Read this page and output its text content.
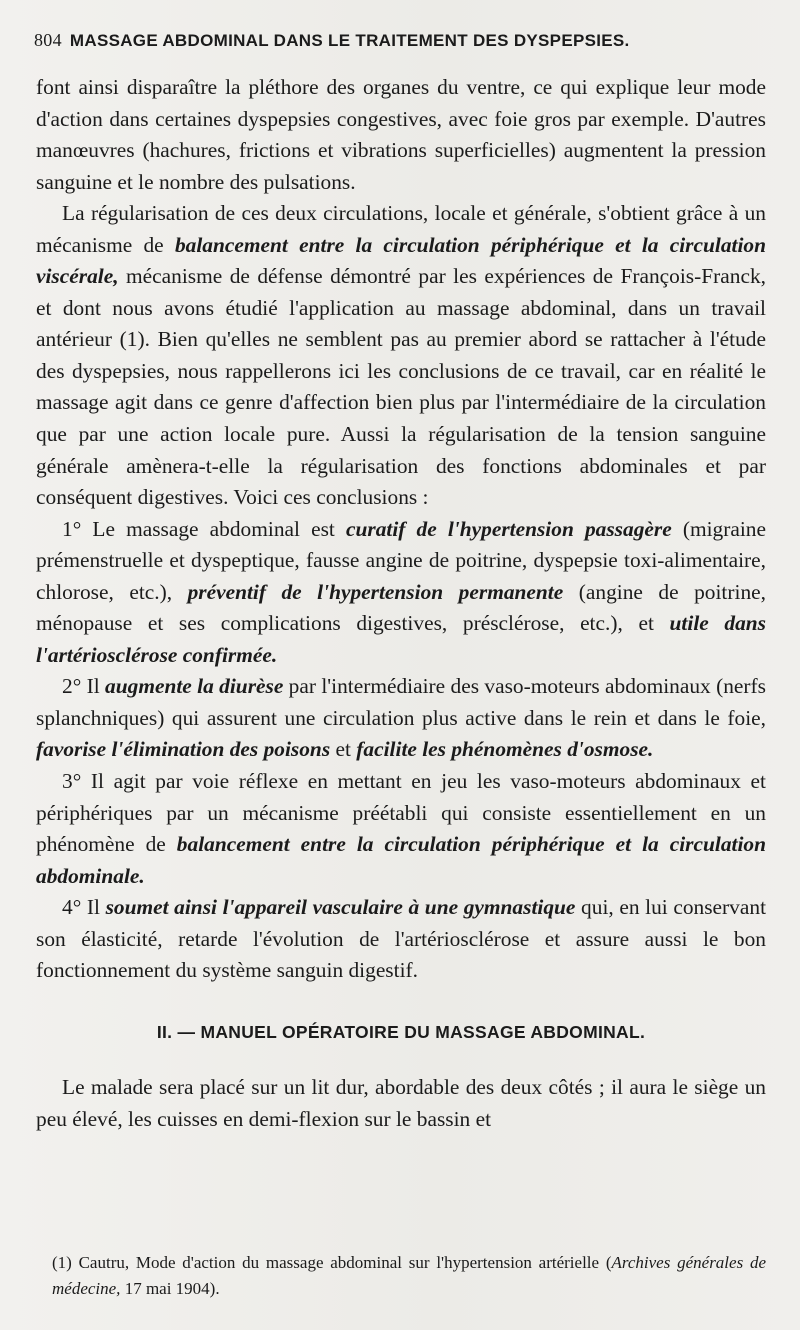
804 MASSAGE ABDOMINAL DANS LE TRAITEMENT DES DYSPEPSIES.

font ainsi disparaître la pléthore des organes du ventre, ce qui explique leur mode d'action dans certaines dyspepsies congestives, avec foie gros par exemple. D'autres manœuvres (hachures, frictions et vibrations superficielles) augmentent la pression sanguine et le nombre des pulsations.

La régularisation de ces deux circulations, locale et générale, s'obtient grâce à un mécanisme de balancement entre la circulation périphérique et la circulation viscérale, mécanisme de défense démontré par les expériences de François-Franck, et dont nous avons étudié l'application au massage abdominal, dans un travail antérieur (1). Bien qu'elles ne semblent pas au premier abord se rattacher à l'étude des dyspepsies, nous rappellerons ici les conclusions de ce travail, car en réalité le massage agit dans ce genre d'affection bien plus par l'intermédiaire de la circulation que par une action locale pure. Aussi la régularisation de la tension sanguine générale amènera-t-elle la régularisation des fonctions abdominales et par conséquent digestives. Voici ces conclusions :

1° Le massage abdominal est curatif de l'hypertension passagère (migraine prémenstruelle et dyspeptique, fausse angine de poitrine, dyspepsie toxi-alimentaire, chlorose, etc.), préventif de l'hypertension permanente (angine de poitrine, ménopause et ses complications digestives, présclérose, etc.), et utile dans l'artériosclérose confirmée.

2° Il augmente la diurèse par l'intermédiaire des vaso-moteurs abdominaux (nerfs splanchniques) qui assurent une circulation plus active dans le rein et dans le foie, favorise l'élimination des poisons et facilite les phénomènes d'osmose.

3° Il agit par voie réflexe en mettant en jeu les vaso-moteurs abdominaux et périphériques par un mécanisme préétabli qui consiste essentiellement en un phénomène de balancement entre la circulation périphérique et la circulation abdominale.

4° Il soumet ainsi l'appareil vasculaire à une gymnastique qui, en lui conservant son élasticité, retarde l'évolution de l'artériosclérose et assure aussi le bon fonctionnement du système sanguin digestif.

II. — MANUEL OPÉRATOIRE DU MASSAGE ABDOMINAL.

Le malade sera placé sur un lit dur, abordable des deux côtés ; il aura le siège un peu élevé, les cuisses en demi-flexion sur le bassin et

(1) Cautru, Mode d'action du massage abdominal sur l'hypertension artérielle (Archives générales de médecine, 17 mai 1904).
